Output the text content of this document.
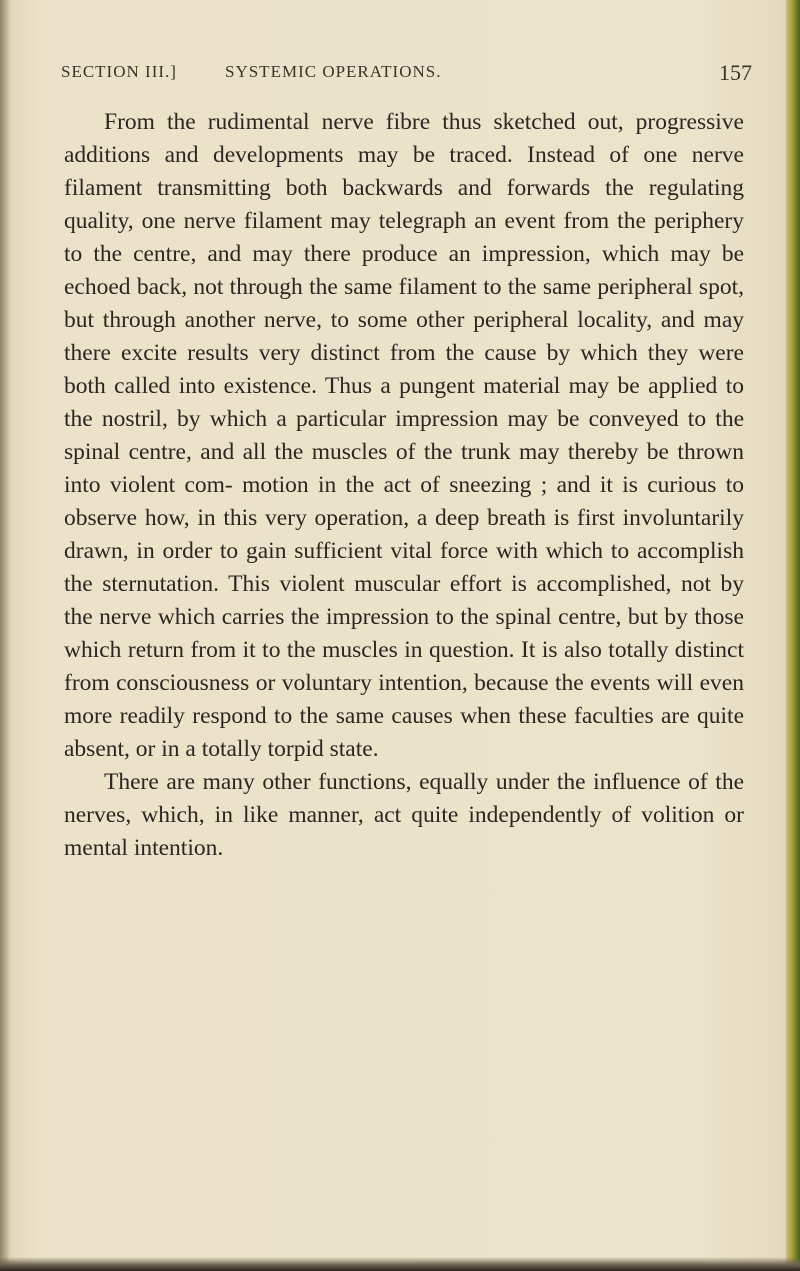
SECTION III.]	SYSTEMIC OPERATIONS.	157

From the rudimental nerve fibre thus sketched out, progressive additions and developments may be traced. Instead of one nerve filament transmitting both backwards and forwards the regulating quality, one nerve filament may telegraph an event from the periphery to the centre, and may there produce an impression, which may be echoed back, not through the same filament to the same peripheral spot, but through another nerve, to some other peripheral locality, and may there excite results very distinct from the cause by which they were both called into existence. Thus a pungent material may be applied to the nostril, by which a particular impression may be conveyed to the spinal centre, and all the muscles of the trunk may thereby be thrown into violent com- motion in the act of sneezing ; and it is curious to observe how, in this very operation, a deep breath is first involuntarily drawn, in order to gain sufficient vital force with which to accomplish the sternutation. This violent muscular effort is accomplished, not by the nerve which carries the impression to the spinal centre, but by those which return from it to the muscles in question. It is also totally distinct from consciousness or voluntary intention, because the events will even more readily respond to the same causes when these faculties are quite absent, or in a totally torpid state.

There are many other functions, equally under the influence of the nerves, which, in like manner, act quite independently of volition or mental intention.
